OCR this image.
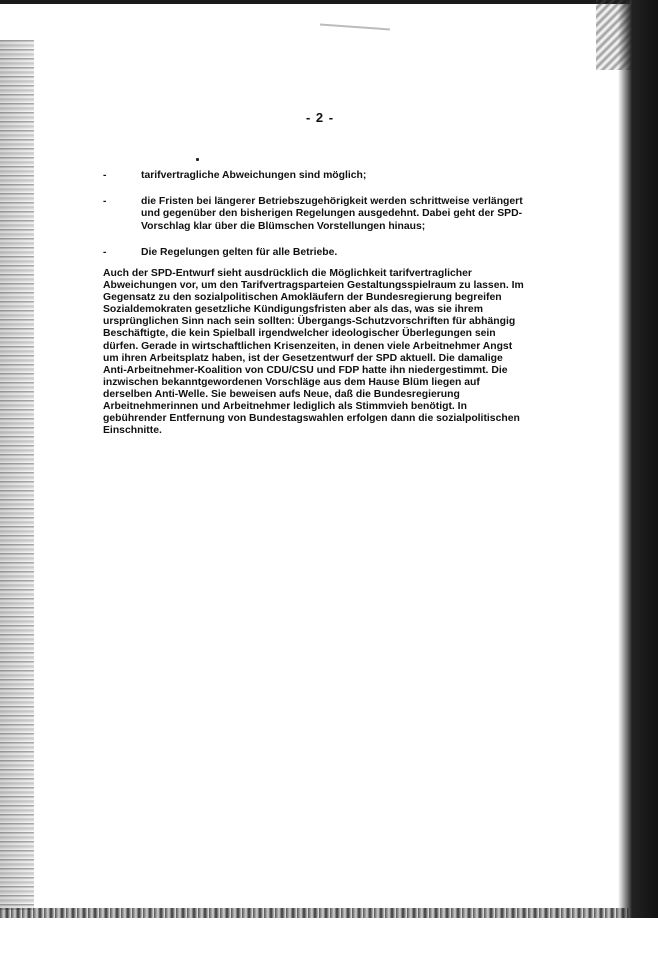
- 2 -
-	tarifvertragliche Abweichungen sind möglich;
-	die Fristen bei längerer Betriebszugehörigkeit werden schrittweise verlängert
und gegenüber den bisherigen Regelungen ausgedehnt. Dabei geht der SPD-
Vorschlag klar über die Blümschen Vorstellungen hinaus;
-	Die Regelungen gelten für alle Betriebe.

Auch der SPD-Entwurf sieht ausdrücklich die Möglichkeit tarifvertraglicher
Abweichungen vor, um den Tarifvertragsparteien Gestaltungsspielraum zu lassen. Im
Gegensatz zu den sozialpolitischen Amokläufern der Bundesregierung begreifen
Sozialdemokraten gesetzliche Kündigungsfristen aber als das, was sie ihrem
ursprünglichen Sinn nach sein sollten: Übergangs-Schutzvorschriften für abhängig
Beschäftigte, die kein Spielball irgendwelcher ideologischer Überlegungen sein
dürfen. Gerade in wirtschaftlichen Krisenzeiten, in denen viele Arbeitnehmer Angst
um ihren Arbeitsplatz haben, ist der Gesetzentwurf der SPD aktuell. Die damalige
Anti-Arbeitnehmer-Koalition von CDU/CSU und FDP hatte ihn niedergestimmt. Die
inzwischen bekanntgewordenen Vorschläge aus dem Hause Blüm liegen auf
derselben Anti-Welle. Sie beweisen aufs Neue, daß die Bundesregierung
Arbeitnehmerinnen und Arbeitnehmer lediglich als Stimmvieh benötigt. In
gebührender Entfernung von Bundestagswahlen erfolgen dann die sozialpolitischen
Einschnitte.
